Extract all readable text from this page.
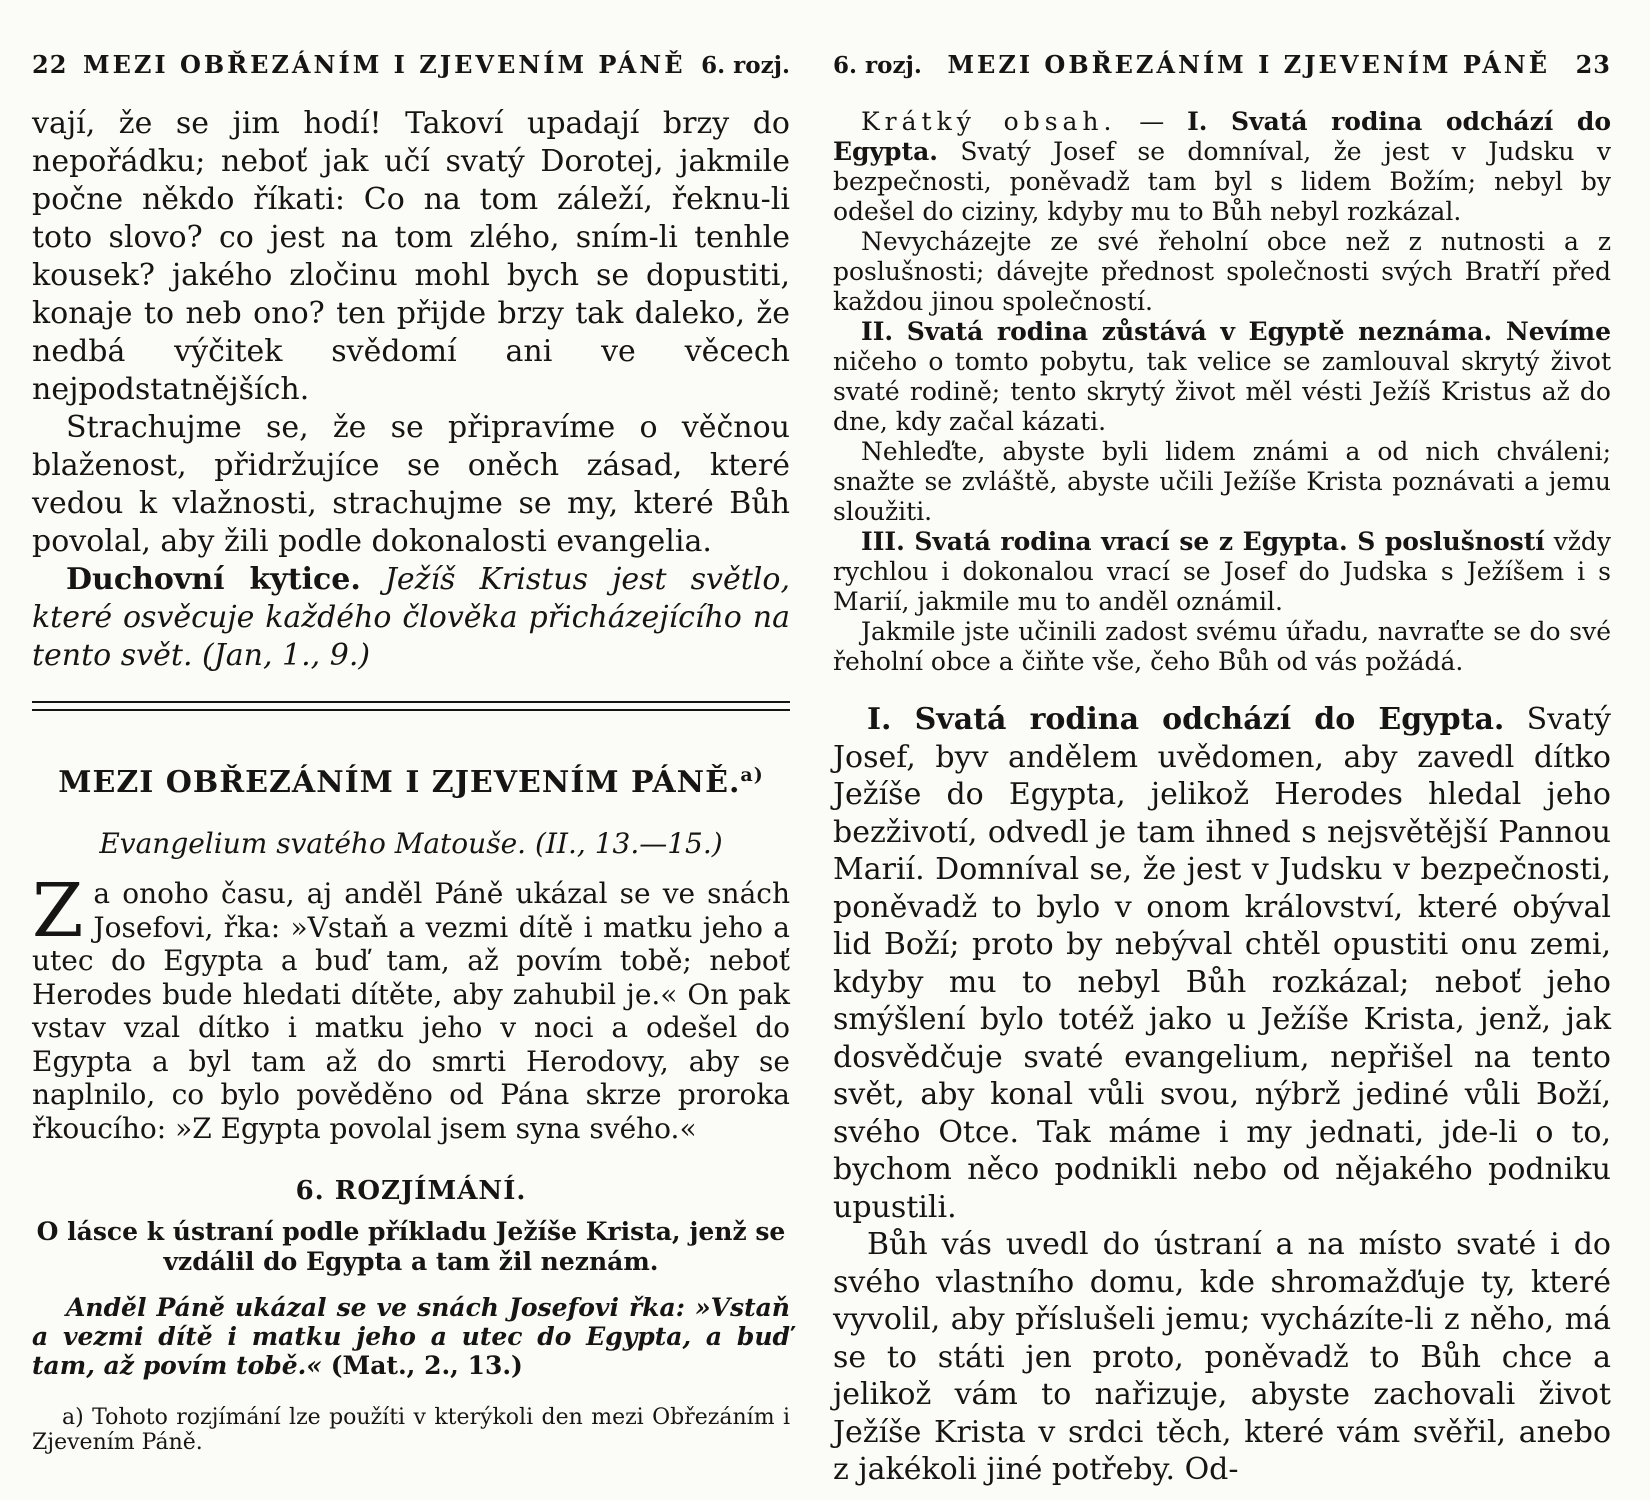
22 MEZI OBŘEZÁNÍM I ZJEVENÍM PÁNĚ 6. rozj.

vají, že se jim hodí! Takoví upadají brzy do nepořádku; neboť jak učí svatý Dorotej, jakmile počne někdo říkati: Co na tom záleží, řeknu-li toto slovo? co jest na tom zlého, sním-li tenhle kousek? jakého zločinu mohl bych se dopustiti, konaje to neb ono? ten přijde brzy tak daleko, že nedbá výčitek svědomí ani ve věcech nejpodstatnějších.

Strachujme se, že se připravíme o věčnou blaženost, přidržujíce se oněch zásad, které vedou k vlažnosti, strachujme se my, které Bůh povolal, aby žili podle dokonalosti evangelia.

Duchovní kytice. Ježíš Kristus jest světlo, které osvěcuje každého člověka přicházejícího na tento svět. (Jan, 1., 9.)

MEZI OBŘEZÁNÍM I ZJEVENÍM PÁNĚ.$^{a)}$
Evangelium svatého Matouše. (II., 13.—15.)

Za onoho času, aj anděl Páně ukázal se ve snách Josefovi, řka: »Vstaň a vezmi dítě i matku jeho a utec do Egypta a buď tam, až povím tobě; neboť Herodes bude hledati dítěte, aby zahubil je.« On pak vstav vzal dítko i matku jeho v noci a odešel do Egypta a byl tam až do smrti Herodovy, aby se naplnilo, co bylo pověděno od Pána skrze proroka řkoucího: »Z Egypta povolal jsem syna svého.«

6. ROZJÍMÁNÍ.
O lásce k ústraní podle příkladu Ježíše Krista, jenž se vzdálil do Egypta a tam žil neznám.

Anděl Páně ukázal se ve snách Josefovi řka: »Vstaň a vezmi dítě i matku jeho a utec do Egypta, a buď tam, až povím tobě.« (Mat., 2., 13.)

a) Tohoto rozjímání lze použíti v kterýkoli den mezi Obřezáním i Zjevením Páně.

6. rozj.	MEZI OBŘEZÁNÍM I ZJEVENÍM PÁNĚ	23

Krátký obsah. — I. Svatá rodina odchází do Egypta. Svatý Josef se domníval, že jest v Judsku v bezpečnosti, poněvadž tam byl s lidem Božím; nebyl by odešel do ciziny, kdyby mu to Bůh nebyl rozkázal.

Nevycházejte ze své řeholní obce než z nutnosti a z poslušnosti; dávejte přednost společnosti svých Bratří před každou jinou společností.

II. Svatá rodina zůstává v Egyptě neznáma. Nevíme ničeho o tomto pobytu, tak velice se zamlouval skrytý život svaté rodině; tento skrytý život měl vésti Ježíš Kristus až do dne, kdy začal kázati.

Nehleďte, abyste byli lidem známi a od nich chváleni; snažte se zvláště, abyste učili Ježíše Krista poznávati a jemu sloužiti.

III. Svatá rodina vrací se z Egypta. S poslušností vždy rychlou i dokonalou vrací se Josef do Judska s Ježíšem i s Marií, jakmile mu to anděl oznámil.

Jakmile jste učinili zadost svému úřadu, navraťte se do své řeholní obce a čiňte vše, čeho Bůh od vás požádá.

I. Svatá rodina odchází do Egypta. Svatý Josef, byv andělem uvědomen, aby zavedl dítko Ježíše do Egypta, jelikož Herodes hledal jeho bezživotí, odvedl je tam ihned s nejsvětější Pannou Marií. Domníval se, že jest v Judsku v bezpečnosti, poněvadž to bylo v onom království, které obýval lid Boží; proto by nebýval chtěl opustiti onu zemi, kdyby mu to nebyl Bůh rozkázal; neboť jeho smýšlení bylo totéž jako u Ježíše Krista, jenž, jak dosvědčuje svaté evangelium, nepřišel na tento svět, aby konal vůli svou, nýbrž jediné vůli Boží, svého Otce. Tak máme i my jednati, jde-li o to, bychom něco podnikli nebo od nějakého podniku upustili.

Bůh vás uvedl do ústraní a na místo svaté i do svého vlastního domu, kde shromažďuje ty, které vyvolil, aby příslušeli jemu; vycházíte-li z něho, má se to státi jen proto, poněvadž to Bůh chce a jelikož vám to nařizuje, abyste zachovali život Ježíše Krista v srdci těch, které vám svěřil, anebo z jakékoli jiné potřeby. Od-
